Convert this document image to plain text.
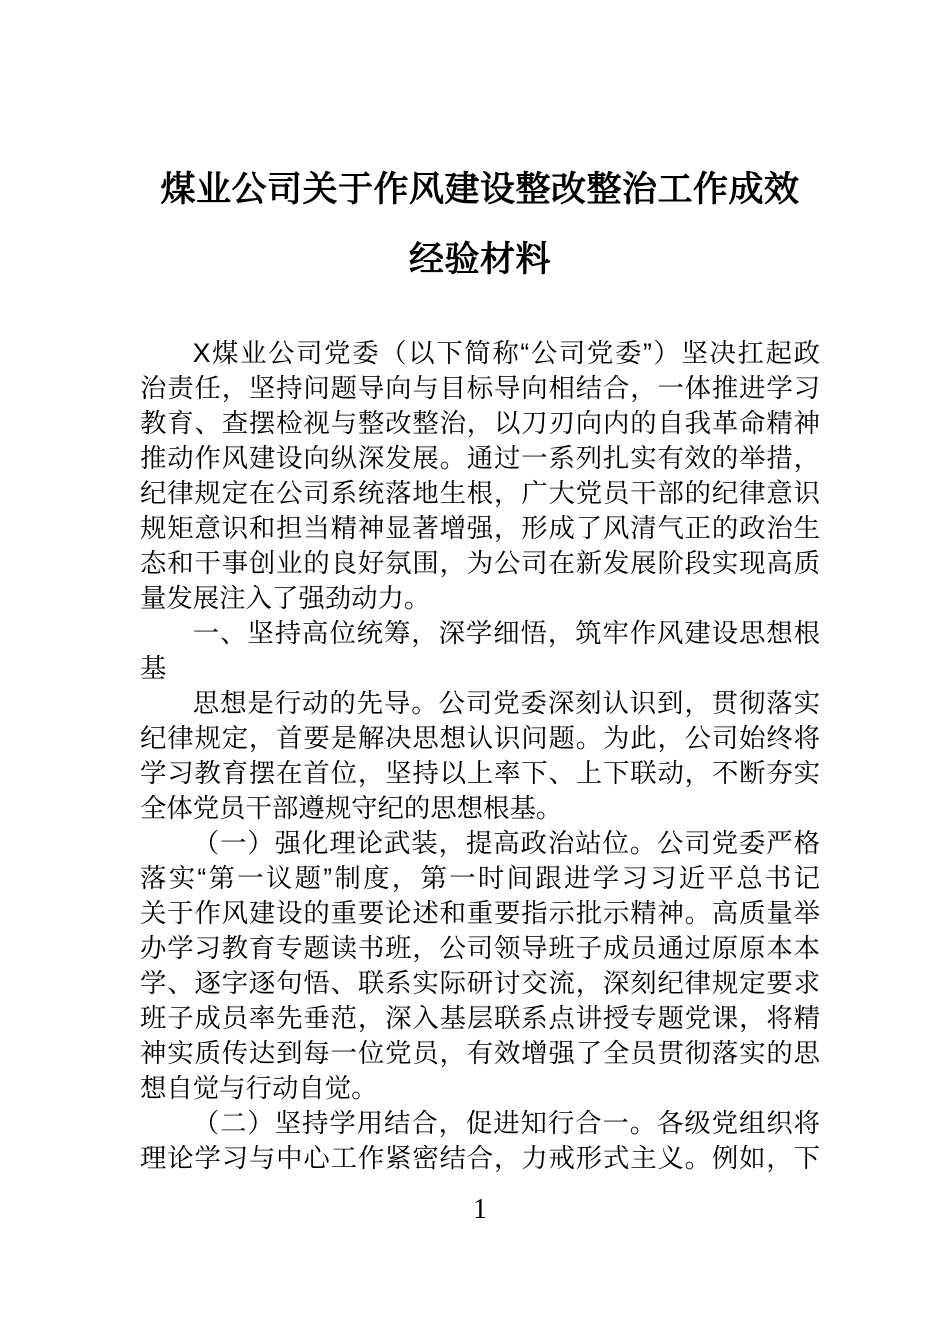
煤业公司关于作风建设整改整治工作成效
经验材料
X煤业公司党委（以下简称“公司党委”）坚决扛起政
治责任，坚持问题导向与目标导向相结合，一体推进学习
教育、查摆检视与整改整治，以刀刃向内的自我革命精神
推动作风建设向纵深发展。通过一系列扎实有效的举措，
纪律规定在公司系统落地生根，广大党员干部的纪律意识
规矩意识和担当精神显著增强，形成了风清气正的政治生
态和干事创业的良好氛围，为公司在新发展阶段实现高质
量发展注入了强劲动力。
一、坚持高位统筹，深学细悟，筑牢作风建设思想根
基
思想是行动的先导。公司党委深刻认识到，贯彻落实
纪律规定，首要是解决思想认识问题。为此，公司始终将
学习教育摆在首位，坚持以上率下、上下联动，不断夯实
全体党员干部遵规守纪的思想根基。
（一）强化理论武装，提高政治站位。公司党委严格
落实“第一议题”制度，第一时间跟进学习习近平总书记
关于作风建设的重要论述和重要指示批示精神。高质量举
办学习教育专题读书班，公司领导班子成员通过原原本本
学、逐字逐句悟、联系实际研讨交流，深刻纪律规定要求
班子成员率先垂范，深入基层联系点讲授专题党课，将精
神实质传达到每一位党员，有效增强了全员贯彻落实的思
想自觉与行动自觉。
（二）坚持学用结合，促进知行合一。各级党组织将
理论学习与中心工作紧密结合，力戒形式主义。例如，下
1
